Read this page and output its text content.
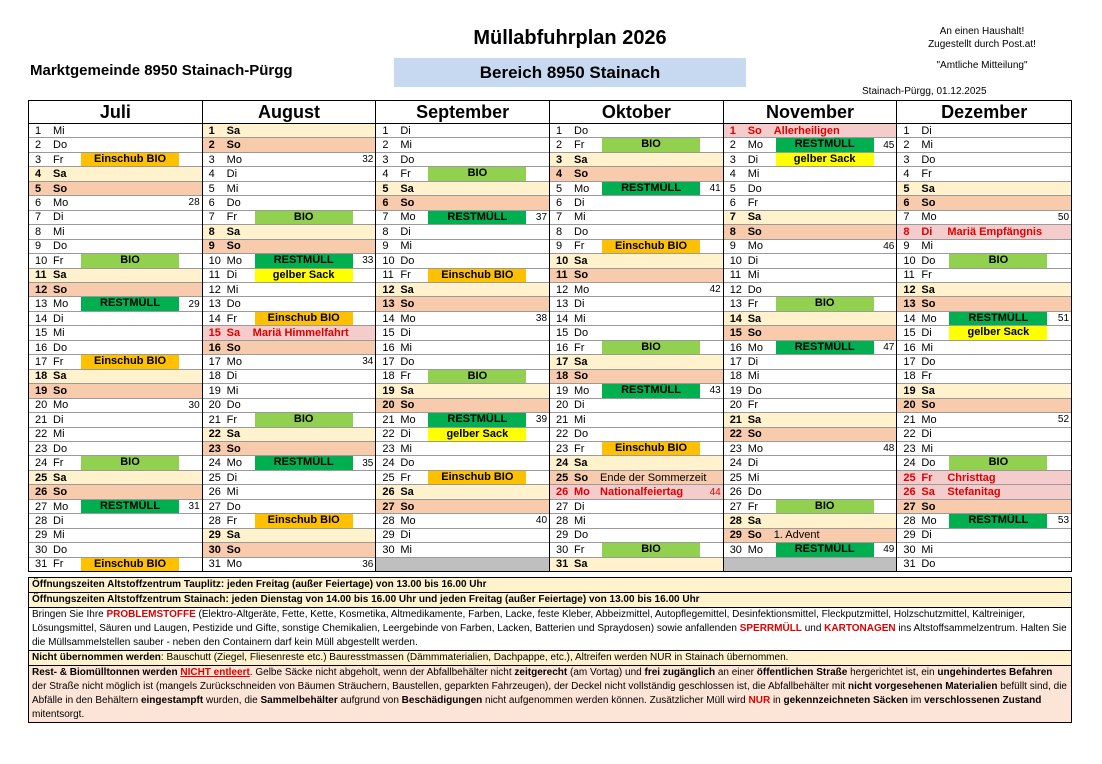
Müllabfuhrplan 2026
Marktgemeinde 8950 Stainach-Pürgg	Bereich 8950 Stainach
An einen Haushalt!
Zugestellt durch Post.at!
"Amtliche Mitteilung"
Stainach-Pürgg, 01.12.2025
Juli
1	Mi
2	Do
3	Fr	Einschub BIO
4	Sa
5	So
6	Mo	28
7	Di
8	Mi
9	Do
10 Fr	BIO
11 Sa
12 So
13 Mo	RESTMÜLL	29
14 Di
15 Mi
16 Do
17 Fr	Einschub BIO
18 Sa
19 So
20 Mo	30
21 Di
22 Mi
23 Do
24 Fr	BIO
25 Sa
26 So
27 Mo	RESTMÜLL	31
28 Di
29 Mi
30 Do
31 Fr	Einschub BIO
August
1	Sa
2	So
3	Mo	32
4	Di
5	Mi
6	Do
7	Fr	BIO
8	Sa
9	So
10 Mo	RESTMÜLL	33
11 Di	gelber Sack
12 Mi
13 Do
14 Fr	Einschub BIO
15 Sa	Mariä Himmelfahrt
16 So
17 Mo	34
18 Di
19 Mi
20 Do
21 Fr	BIO
22 Sa
23 So
24 Mo	RESTMÜLL	35
25 Di
26 Mi
27 Do
28 Fr	Einschub BIO
29 Sa
30 So
31 Mo	36
September
1	Di
2	Mi
3	Do
4	Fr	BIO
5	Sa
6	So
7	Mo	RESTMÜLL	37
8	Di
9	Mi
10 Do
11 Fr	Einschub BIO
12 Sa
13 So
14 Mo	38
15 Di
16 Mi
17 Do
18 Fr	BIO
19 Sa
20 So
21 Mo	RESTMÜLL	39
22 Di	gelber Sack
23 Mi
24 Do
25 Fr	Einschub BIO
26 Sa
27 So
28 Mo	40
29 Di
30 Mi
Oktober
1	Do
2	Fr	BIO
3	Sa
4	So
5	Mo	RESTMÜLL	41
6	Di
7	Mi
8	Do
9	Fr	Einschub BIO
10 Sa
11 So
12 Mo	42
13 Di
14 Mi
15 Do
16 Fr	BIO
17 Sa
18 So
19 Mo	RESTMÜLL	43
20 Di
21 Mi
22 Do
23 Fr	Einschub BIO
24 Sa
25 So	Ende der Sommerzeit
26 Mo Nationalfeiertag	44
27 Di
28 Mi
29 Do
30 Fr	BIO
31 Sa
November
1	So	Allerheiligen
2	Mo	RESTMÜLL	45
3	Di	gelber Sack
4	Mi
5	Do
6	Fr
7	Sa
8	So
9	Mo	46
10 Di
11 Mi
12 Do
13 Fr	BIO
14 Sa
15 So
16 Mo	RESTMÜLL	47
17 Di
18 Mi
19 Do
20 Fr
21 Sa
22 So
23 Mo	48
24 Di
25 Mi
26 Do
27 Fr	BIO
28 Sa
29 So	1. Advent
30 Mo	RESTMÜLL	49
Dezember
1	Di
2	Mi
3	Do
4	Fr
5	Sa
6	So
7	Mo	50
8	Di	Mariä Empfängnis
9	Mi
10 Do	BIO
11 Fr
12 Sa
13 So
14 Mo	RESTMÜLL	51
15 Di	gelber Sack
16 Mi
17 Do
18 Fr
19 Sa
20 So
21 Mo	52
22 Di
23 Mi
24 Do	BIO
25 Fr	Christtag
26 Sa	Stefanitag
27 So
28 Mo	RESTMÜLL	53
29 Di
30 Mi
31 Do
Öffnungszeiten Altstoffzentrum Tauplitz: jeden Freitag (außer Feiertage) von 13.00 bis 16.00 Uhr
Öffnungszeiten Altstoffzentrum Stainach: jeden Dienstag von 14.00 bis 16.00 Uhr und jeden Freitag (außer Feiertage) von 13.00 bis 16.00 Uhr
Bringen Sie Ihre PROBLEMSTOFFE (Elektro-Altgeräte, Fette, Kette, Kosmetika, Altmedikamente, Farben, Lacke, feste Kleber, Abbeizmittel, Autopflegemittel, Desinfektionsmittel, Fleckputzmittel, Holzschutzmittel, Kaltreiniger, Lösungsmittel, Säuren und Laugen, Pestizide und Gifte, sonstige Chemikalien, Leergebinde von Farben, Lacken, Batterien und Spraydosen) sowie anfallenden SPERRMÜLL und KARTONAGEN ins Altstoffsammelzentrum. Halten Sie die Müllsammelstellen sauber - neben den Containern darf kein Müll abgestellt werden.
Nicht übernommen werden: Bauschutt (Ziegel, Fliesenreste etc.) Bauresstmassen (Dämmmaterialien, Dachpappe, etc.), Altreifen werden NUR in Stainach übernommen.
Rest- & Biomülltonnen werden NICHT entleert. Gelbe Säcke nicht abgeholt, wenn der Abfallbehälter nicht zeitgerecht (am Vortag) und frei zugänglich an einer öffentlichen Straße hergerichtet ist, ein ungehindertes Befahren der Straße nicht möglich ist (mangels Zurückschneiden von Bäumen Sträuchern, Baustellen, geparkten Fahrzeugen), der Deckel nicht vollständig geschlossen ist, die Abfallbehälter mit nicht vorgesehenen Materialien befüllt sind, die Abfälle in den Behältern eingestampft wurden, die Sammelbehälter aufgrund von Beschädigungen nicht aufgenommen werden können. Zusätzlicher Müll wird NUR in gekennzeichneten Säcken im verschlossenen Zustand mitentsorgt.
